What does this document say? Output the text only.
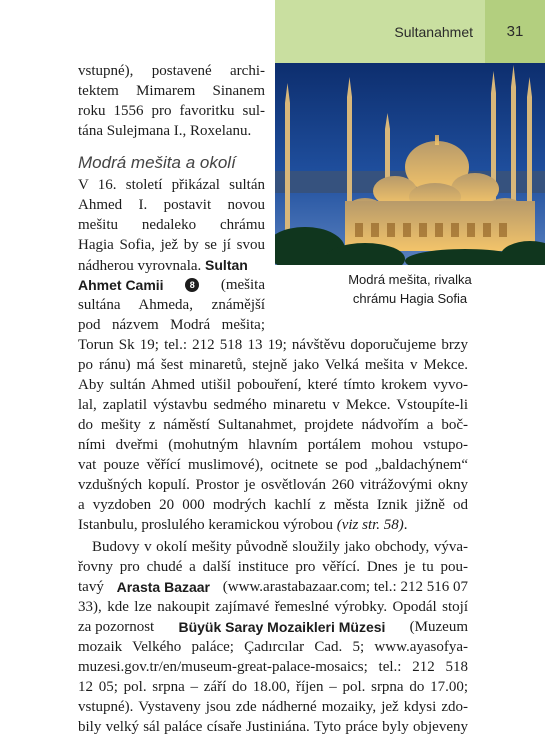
Sultanahmet	31
Modrá mešita, rivalka
chrámu Hagia Sofia
vstupné), postavené archi-
tektem Mimarem Sinanem
roku 1556 pro favoritku sul-
tána Sulejmana I., Roxelanu.
Modrá mešita a okolí
V 16. století přikázal sultán
Ahmed I. postavit novou
mešitu nedaleko chrámu
Hagia Sofia, jež by se jí svou
nádherou vyrovnala. Sultan
Ahmet Camii	8	(mešita
sultána Ahmeda, známější
pod názvem Modrá mešita;
Torun Sk 19; tel.: 212 518 13 19; návštěvu doporučujeme brzy
po ránu) má šest minaretů, stejně jako Velká mešita v Mekce.
Aby sultán Ahmed utišil pobouření, které tímto krokem vyvo-
lal, zaplatil výstavbu sedmého minaretu v Mekce. Vstoupíte-li
do mešity z náměstí Sultanahmet, projdete nádvořím a boč-
ními dveřmi (mohutným hlavním portálem mohou vstupo-
vat pouze věřící muslimové), ocitnete se pod „baldachýnem“
vzdušných kopulí. Prostor je osvětlován 260 vitrážovými okny
a vyzdoben 20 000 modrých kachlí z města Iznik jižně od
Istanbulu, proslulého keramickou výrobou (viz str. 58).
Budovy v okolí mešity původně sloužily jako obchody, výva-
řovny pro chudé a další instituce pro věřící. Dnes je tu pou-
tavý Arasta Bazaar (www.arastabazaar.com; tel.: 212 516 07
33), kde lze nakoupit zajímavé řemeslné výrobky. Opodál stojí
za pozornost Büyük Saray Mozaikleri Müzesi (Muzeum
mozaik Velkého paláce; Çadırcılar Cad. 5; www.ayasofya-
muzesi.gov.tr/en/museum-great-palace-mosaics; tel.: 212 518
12 05; pol. srpna – září do 18.00, říjen – pol. srpna do 17.00;
vstupné). Vystaveny jsou zde nádherné mozaiky, jež kdysi zdo-
bily velký sál paláce císaře Justiniána. Tyto práce byly objeveny
